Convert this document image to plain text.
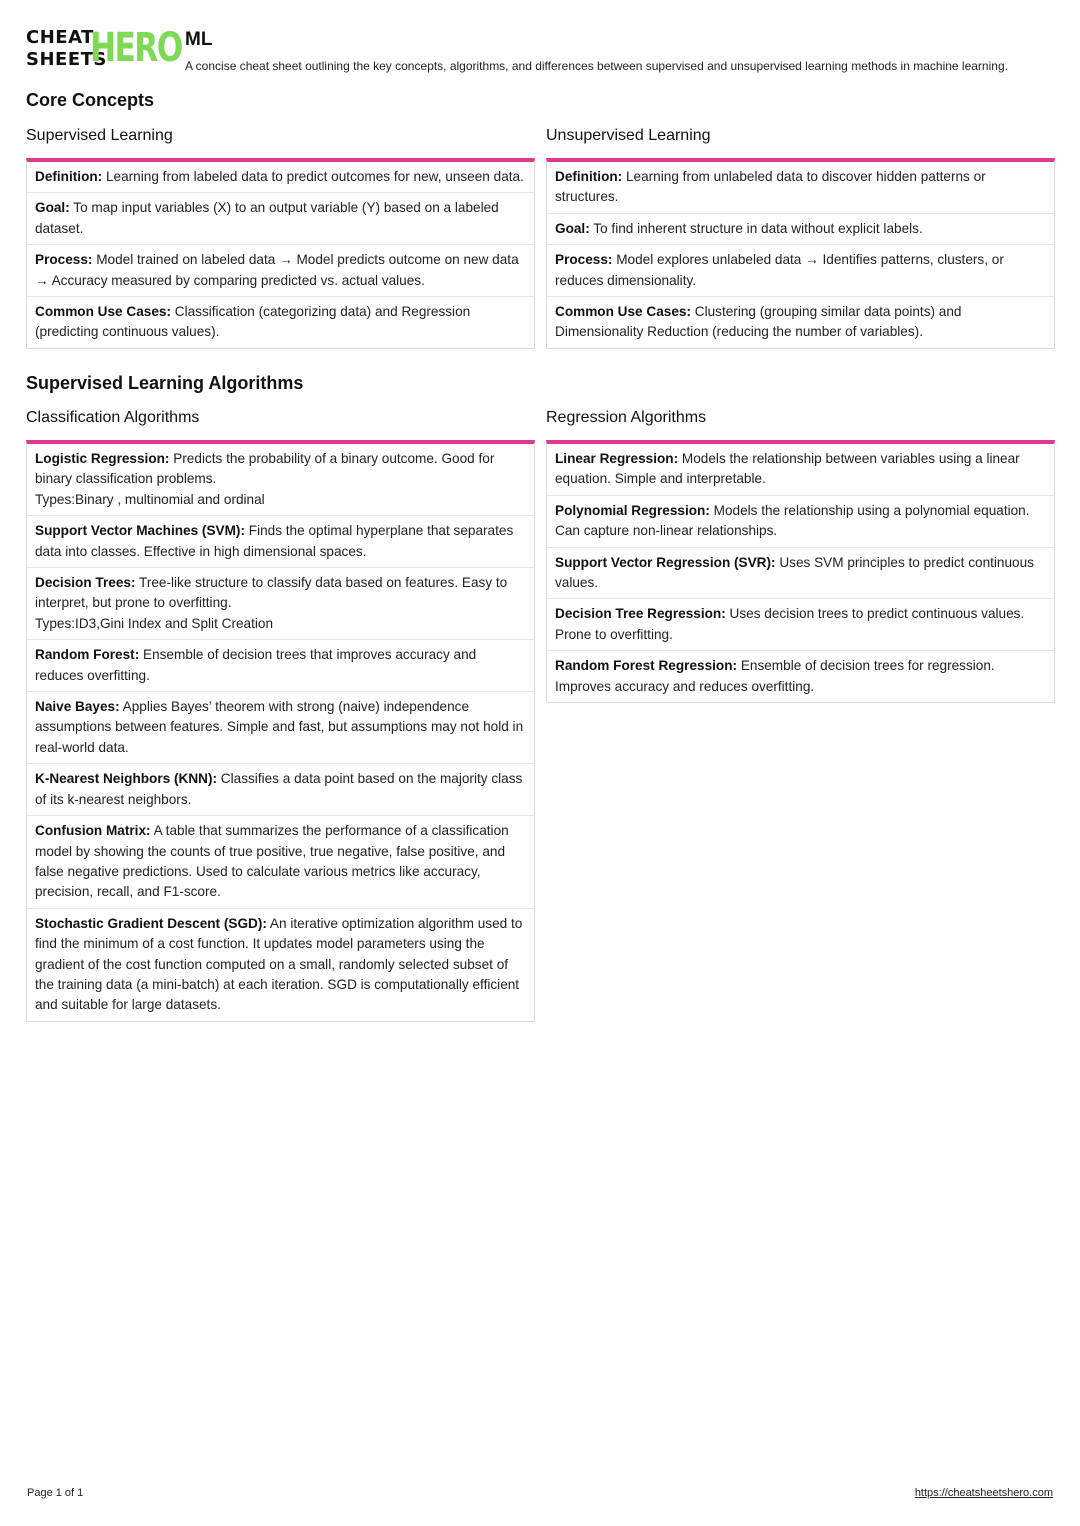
CHEAT
SHEETS
HERO ML
A concise cheat sheet outlining the key concepts, algorithms, and differences between supervised and unsupervised learning methods in machine learning.
Core Concepts
Supervised Learning
Definition: Learning from labeled data to predict outcomes for new, unseen data.
Goal: To map input variables (X) to an output variable (Y) based on a labeled dataset.
Process: Model trained on labeled data → Model predicts outcome on new data → Accuracy measured by comparing predicted vs. actual values.
Common Use Cases: Classification (categorizing data) and Regression (predicting continuous values).
Unsupervised Learning
Definition: Learning from unlabeled data to discover hidden patterns or structures.
Goal: To find inherent structure in data without explicit labels.
Process: Model explores unlabeled data → Identifies patterns, clusters, or reduces dimensionality.
Common Use Cases: Clustering (grouping similar data points) and Dimensionality Reduction (reducing the number of variables).
Supervised Learning Algorithms
Classification Algorithms
Logistic Regression: Predicts the probability of a binary outcome. Good for binary classification problems.
Types:Binary , multinomial and ordinal
Support Vector Machines (SVM): Finds the optimal hyperplane that separates data into classes. Effective in high dimensional spaces.
Decision Trees: Tree-like structure to classify data based on features. Easy to interpret, but prone to overfitting.
Types:ID3,Gini Index and Split Creation
Random Forest: Ensemble of decision trees that improves accuracy and reduces overfitting.
Naive Bayes: Applies Bayes’ theorem with strong (naive) independence assumptions between features. Simple and fast, but assumptions may not hold in real-world data.
K-Nearest Neighbors (KNN): Classifies a data point based on the majority class of its k-nearest neighbors.
Confusion Matrix: A table that summarizes the performance of a classification model by showing the counts of true positive, true negative, false positive, and false negative predictions. Used to calculate various metrics like accuracy, precision, recall, and F1-score.
Stochastic Gradient Descent (SGD): An iterative optimization algorithm used to find the minimum of a cost function. It updates model parameters using the gradient of the cost function computed on a small, randomly selected subset of the training data (a mini-batch) at each iteration. SGD is computationally efficient and suitable for large datasets.
Regression Algorithms
Linear Regression: Models the relationship between variables using a linear equation. Simple and interpretable.
Polynomial Regression: Models the relationship using a polynomial equation. Can capture non-linear relationships.
Support Vector Regression (SVR): Uses SVM principles to predict continuous values.
Decision Tree Regression: Uses decision trees to predict continuous values. Prone to overfitting.
Random Forest Regression: Ensemble of decision trees for regression. Improves accuracy and reduces overfitting.
Page 1 of 1	https://cheatsheetshero.com
